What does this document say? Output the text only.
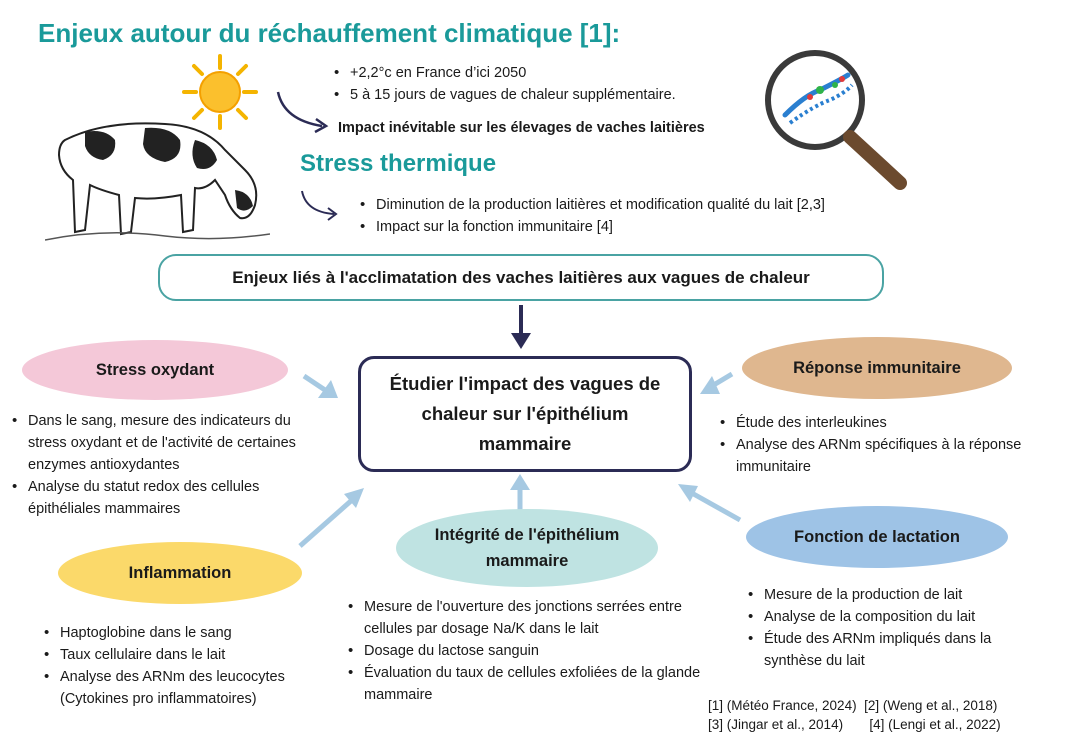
Enjeux autour du réchauffement climatique [1]:
• +2,2°c en France d’ici 2050
• 5 à 15 jours de vagues de chaleur supplémentaire.
Impact inévitable sur les élevages de vaches laitières
Stress thermique
• Diminution de la production laitières et modification qualité du lait [2,3]
• Impact sur la fonction immunitaire [4]
Enjeux liés à l'acclimatation des vaches laitières aux vagues de chaleur
Étudier l'impact des vagues de chaleur sur l'épithélium mammaire
Stress oxydant
• Dans le sang, mesure des indicateurs du stress oxydant et de l'activité de certaines enzymes antioxydantes
• Analyse du statut redox des cellules épithéliales mammaires
Réponse immunitaire
• Étude des interleukines
• Analyse des ARNm spécifiques à la réponse immunitaire
Inflammation
• Haptoglobine dans le sang
• Taux cellulaire dans le lait
• Analyse des ARNm des leucocytes (Cytokines pro inflammatoires)
Intégrité de l'épithélium mammaire
• Mesure de l'ouverture des jonctions serrées entre cellules par dosage Na/K dans le lait
• Dosage du lactose sanguin
• Évaluation du taux de cellules exfoliées de la glande mammaire
Fonction de lactation
• Mesure de la production de lait
• Analyse de la composition du lait
• Étude des ARNm impliqués dans la synthèse du lait
[1] (Météo France, 2024) [2] (Weng et al., 2018)
[3] (Jingar et al., 2014) [4] (Lengi et al., 2022)
